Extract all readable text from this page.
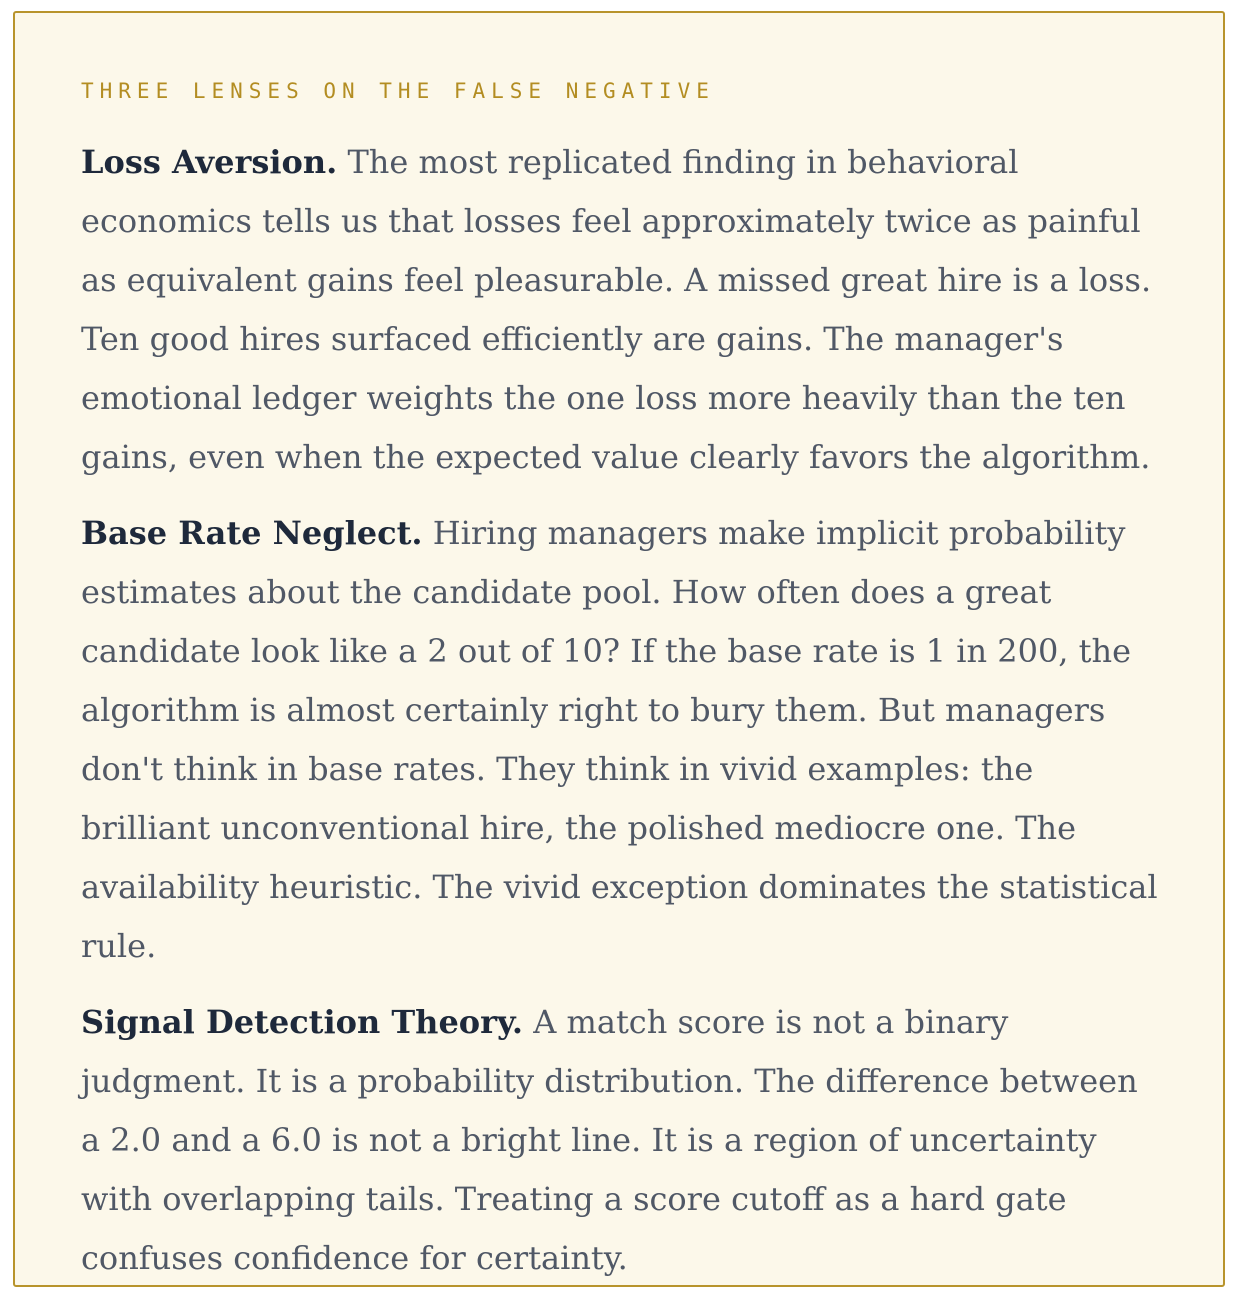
THREE LENSES ON THE FALSE NEGATIVE

Loss Aversion. The most replicated finding in behavioral economics tells us that losses feel approximately twice as painful as equivalent gains feel pleasurable. A missed great hire is a loss. Ten good hires surfaced efficiently are gains. The manager's emotional ledger weights the one loss more heavily than the ten gains, even when the expected value clearly favors the algorithm.

Base Rate Neglect. Hiring managers make implicit probability estimates about the candidate pool. How often does a great candidate look like a 2 out of 10? If the base rate is 1 in 200, the algorithm is almost certainly right to bury them. But managers don't think in base rates. They think in vivid examples: the brilliant unconventional hire, the polished mediocre one. The availability heuristic. The vivid exception dominates the statistical rule.

Signal Detection Theory. A match score is not a binary judgment. It is a probability distribution. The difference between a 2.0 and a 6.0 is not a bright line. It is a region of uncertainty with overlapping tails. Treating a score cutoff as a hard gate confuses confidence for certainty.
